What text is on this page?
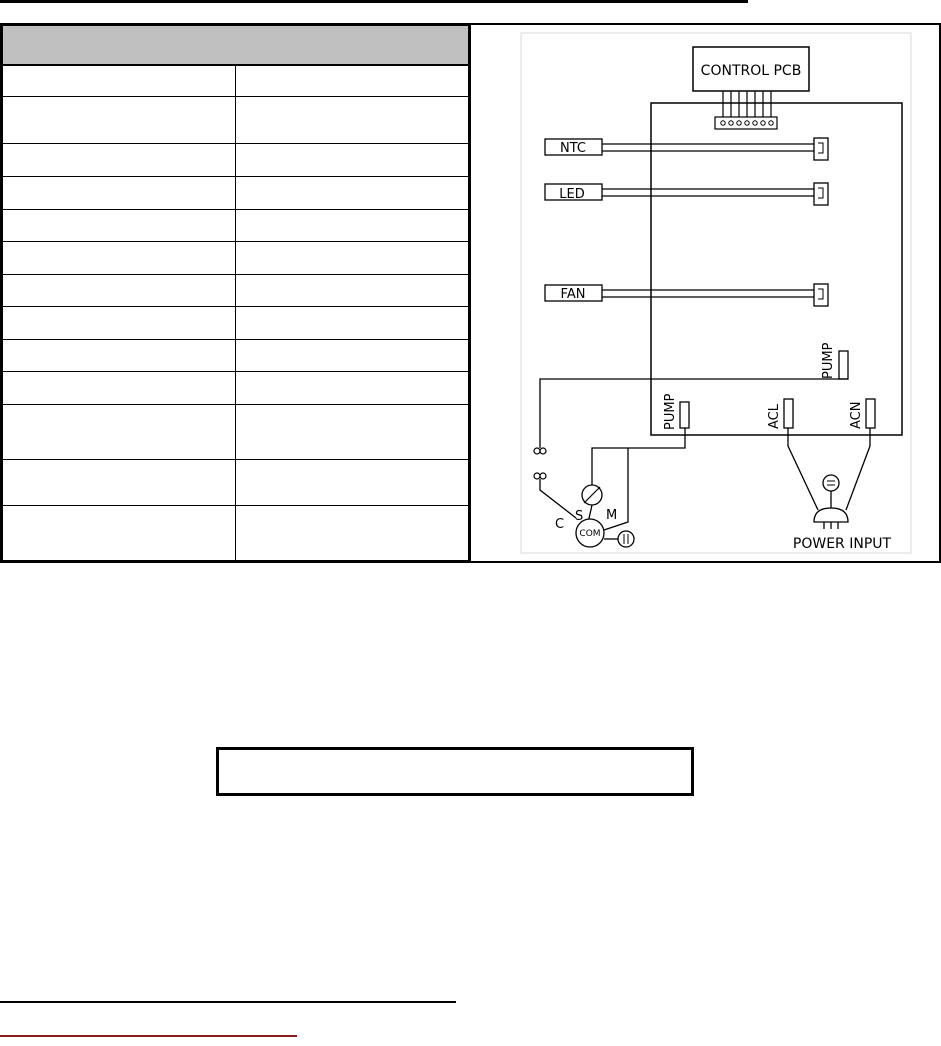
CONTROL PCB
NTC
LED
FAN
PUMP
PUMP	ACL	ACN
POWER INPUT
COM
C
S M
